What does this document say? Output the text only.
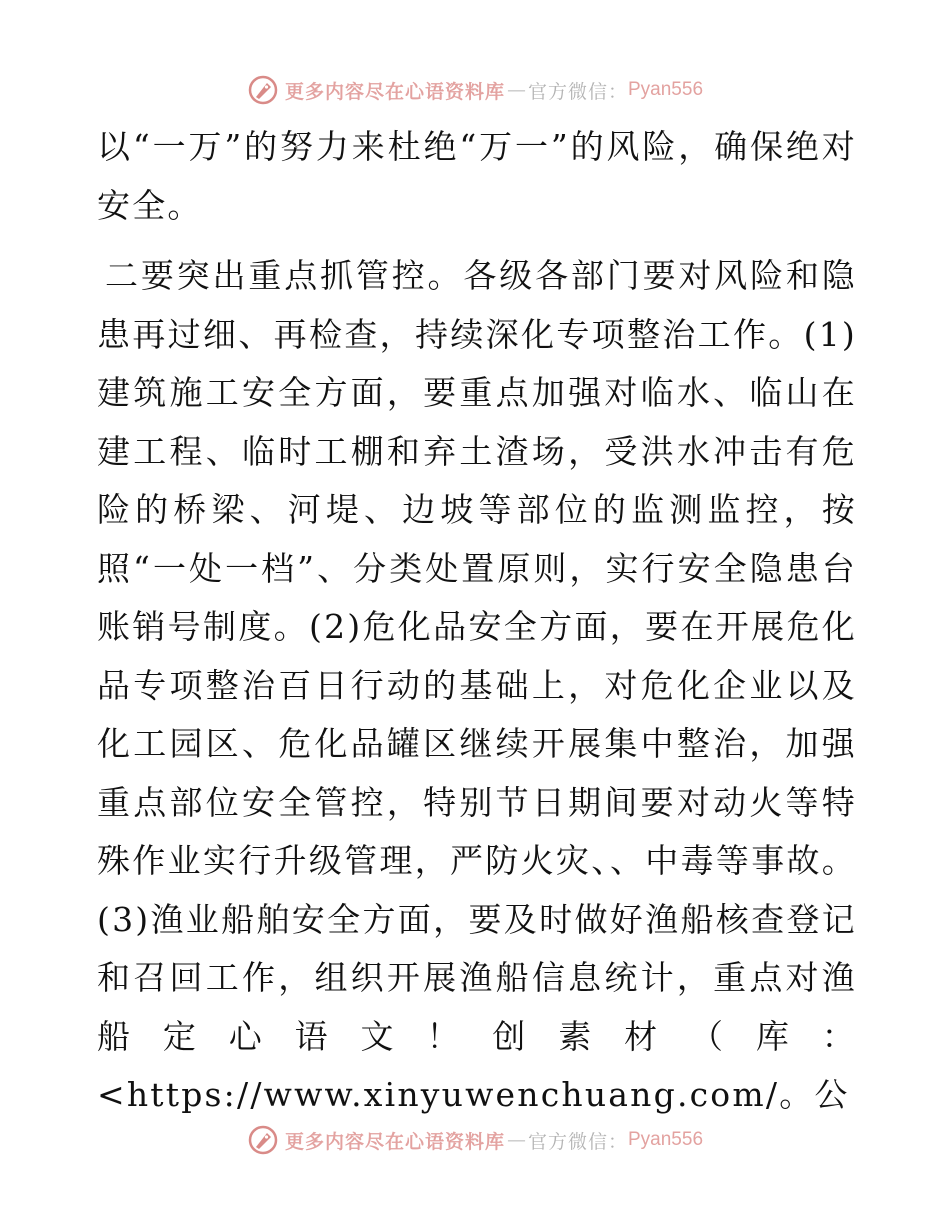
更多内容尽在心语资料库 — 官方微信： Pyan556

以“一万”的努力来杜绝“万一”的风险，确保绝对安全。

二要突出重点抓管控。各级各部门要对风险和隐患再过细、再检查，持续深化专项整治工作。(1)建筑施工安全方面，要重点加强对临水、临山在建工程、临时工棚和弃土渣场，受洪水冲击有危险的桥梁、河堤、边坡等部位的监测监控，按照“一处一档”、分类处置原则，实行安全隐患台账销号制度。(2)危化品安全方面，要在开展危化品专项整治百日行动的基础上，对危化企业以及化工园区、危化品罐区继续开展集中整治，加强重点部位安全管控，特别节日期间要对动火等特殊作业实行升级管理，严防火灾、、中毒等事故。(3)渔业船舶安全方面，要及时做好渔船核查登记和召回工作，组织开展渔船信息统计，重点对渔船定心语文！创素材（库：<https://www.xinyuwenchuang.com/。公

更多内容尽在心语资料库 — 官方微信： Pyan556
